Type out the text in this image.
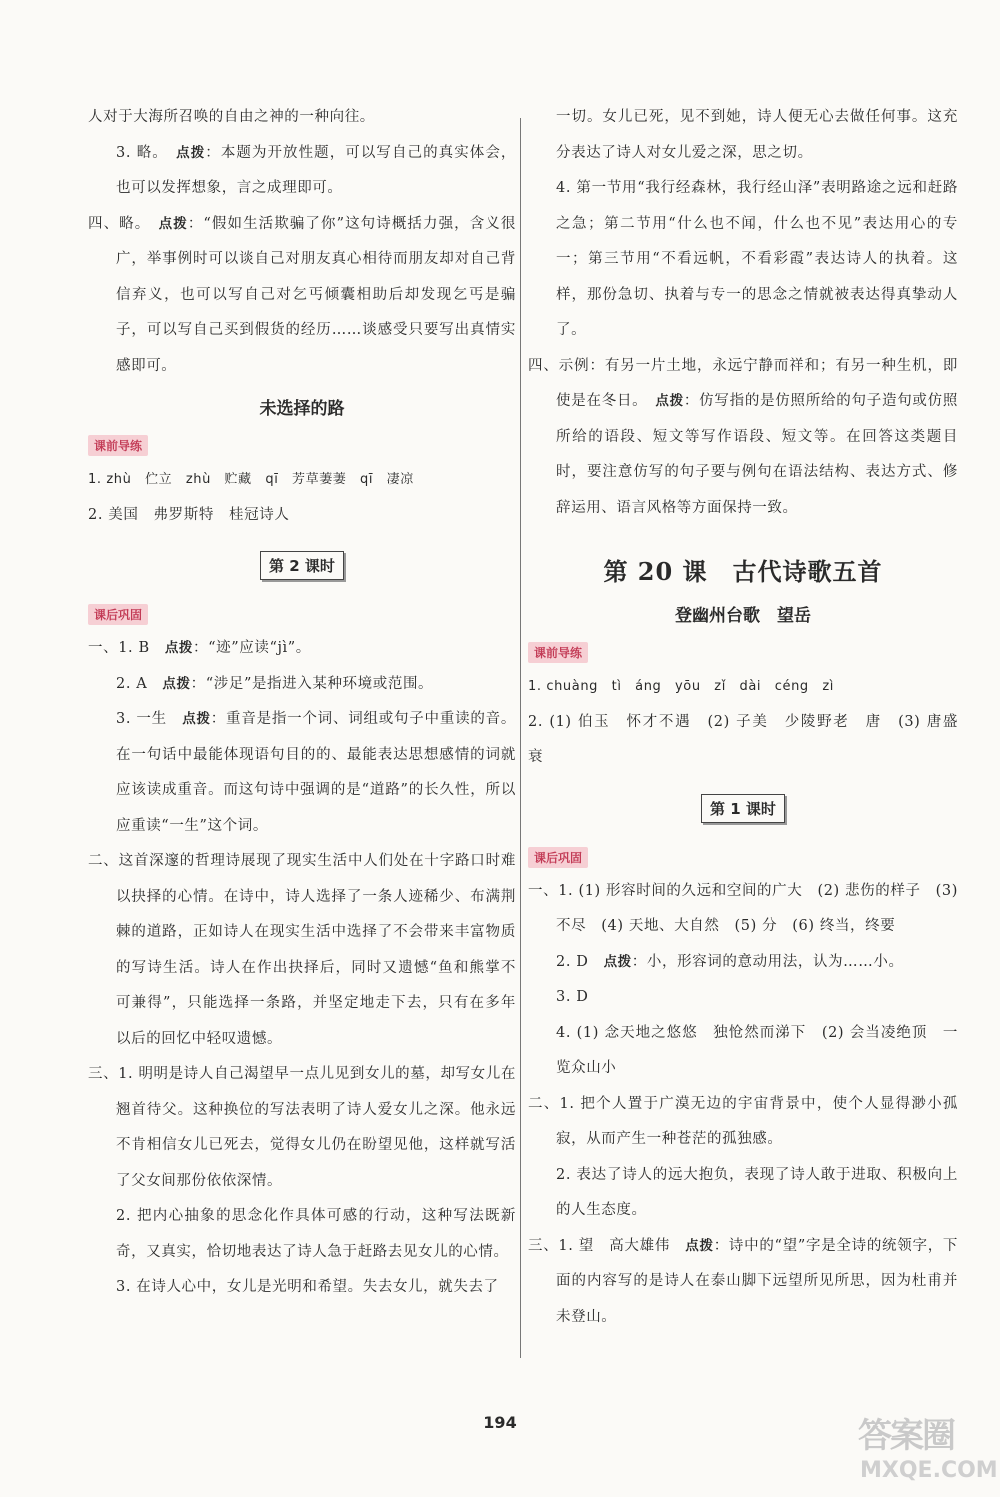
人对于大海所召唤的自由之神的一种向往。

3. 略。　 点拨：本题为开放性题，可以写自己的真实体会，也可以发挥想象，言之成理即可。

四、略。　 点拨：“假如生活欺骗了你”这句诗概括力强，含义很广，举事例时可以谈自己对朋友真心相待而朋友却对自己背信弃义，也可以写自己对乞丐倾囊相助后却发现乞丐是骗子，可以写自己买到假货的经历……谈感受只要写出真情实感即可。

未选择的路
课前导练

1. zhù　伫立　zhù　贮藏　qī　芳草萋萋　qī　凄凉

2. 美国　弗罗斯特　桂冠诗人

第 2 课时
课后巩固

一、1. B　点拨：“迹”应读“jì”。

2. A　点拨：“涉足”是指进入某种环境或范围。

3. 一生　点拨：重音是指一个词、词组或句子中重读的音。在一句话中最能体现语句目的的、最能表达思想感情的词就应该读成重音。而这句诗中强调的是“道路”的长久性，所以应重读“一生”这个词。

二、这首深邃的哲理诗展现了现实生活中人们处在十字路口时难以抉择的心情。在诗中，诗人选择了一条人迹稀少、布满荆棘的道路，正如诗人在现实生活中选择了不会带来丰富物质的写诗生活。诗人在作出抉择后，同时又遗憾“鱼和熊掌不可兼得”，只能选择一条路，并坚定地走下去，只有在多年以后的回忆中轻叹遗憾。

三、1. 明明是诗人自己渴望早一点儿见到女儿的墓，却写女儿在翘首待父。这种换位的写法表明了诗人爱女儿之深。他永远不肯相信女儿已死去，觉得女儿仍在盼望见他，这样就写活了父女间那份依依深情。

2. 把内心抽象的思念化作具体可感的行动，这种写法既新奇，又真实，恰切地表达了诗人急于赶路去见女儿的心情。

3. 在诗人心中，女儿是光明和希望。失去女儿，就失去了

一切。女儿已死，见不到她，诗人便无心去做任何事。这充分表达了诗人对女儿爱之深，思之切。

4. 第一节用“我行经森林，我行经山泽”表明路途之远和赶路之急；第二节用“什么也不闻，什么也不见”表达用心的专一；第三节用“不看远帆，不看彩霞”表达诗人的执着。这样，那份急切、执着与专一的思念之情就被表达得真挚动人了。

四、示例：有另一片土地，永远宁静而祥和；有另一种生机，即使是在冬日。　点拨：仿写指的是仿照所给的句子造句或仿照所给的语段、短文等写作语段、短文等。在回答这类题目时，要注意仿写的句子要与例句在语法结构、表达方式、修辞运用、语言风格等方面保持一致。

第 20 课　古代诗歌五首
登幽州台歌　望岳
课前导练

1. chuàng　tì　áng　yōu　zǐ　dài　céng　zì

2. (1) 伯玉　怀才不遇　(2) 子美　少陵野老　唐　(3) 唐盛　衰

第 1 课时
课后巩固

一、1. (1) 形容时间的久远和空间的广大　(2) 悲伤的样子　(3) 不尽　(4) 天地、大自然　(5) 分　(6) 终当，终要

2. D　点拨：小，形容词的意动用法，认为……小。

3. D

4. (1) 念天地之悠悠　独怆然而涕下　(2) 会当凌绝顶　一览众山小

二、1. 把个人置于广漠无边的宇宙背景中，使个人显得渺小孤寂，从而产生一种苍茫的孤独感。

2. 表达了诗人的远大抱负，表现了诗人敢于进取、积极向上的人生态度。

三、1. 望　高大雄伟　点拨：诗中的“望”字是全诗的统领字，下面的内容写的是诗人在泰山脚下远望所见所思，因为杜甫并未登山。

194	答案圈
MXQE.COM
